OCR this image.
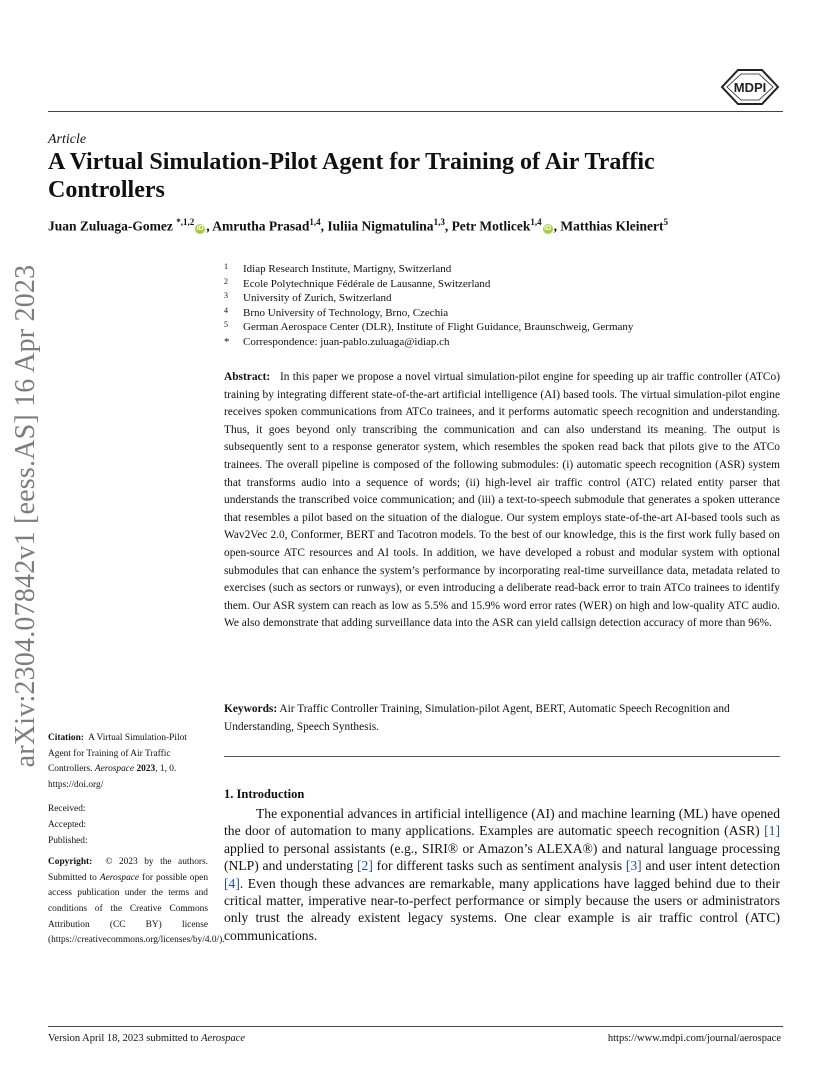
MDPI
Article
A Virtual Simulation-Pilot Agent for Training of Air Traffic Controllers
Juan Zuluaga-Gomez $^{*,1,2}$iD , Amrutha Prasad$^{1,4}$, Iuliia Nigmatulina$^{1,3}$, Petr Motlicek$^{1,4}$iD , Matthias Kleinert$^5$
arXiv:2304.07842v1 [eess.AS] 16 Apr 2023	1	Idiap Research Institute, Martigny, Switzerland
2	Ecole Polytechnique Fédérale de Lausanne, Switzerland
3	University of Zurich, Switzerland
4	Brno University of Technology, Brno, Czechia
5	German Aerospace Center (DLR), Institute of Flight Guidance, Braunschweig, Germany
*	Correspondence: juan-pablo.zuluaga@idiap.ch

Abstract: In this paper we propose a novel virtual simulation-pilot engine for speeding up air traffic controller (ATCo) training by integrating different state-of-the-art artificial intelligence (AI) based tools. The virtual simulation-pilot engine receives spoken communications from ATCo trainees, and it performs automatic speech recognition and understanding. Thus, it goes beyond only transcribing the communication and can also understand its meaning. The output is subsequently sent to a response generator system, which resembles the spoken read back that pilots give to the ATCo trainees. The overall pipeline is composed of the following submodules: (i) automatic speech recognition (ASR) system that transforms audio into a sequence of words; (ii) high-level air traffic control (ATC) related entity parser that understands the transcribed voice communication; and (iii) a text-to-speech submodule that generates a spoken utterance that resembles a pilot based on the situation of the dialogue. Our system employs state-of-the-art AI-based tools such as Wav2Vec 2.0, Conformer, BERT and Tacotron models. To the best of our knowledge, this is the first work fully based on open-source ATC resources and AI tools. In addition, we have developed a robust and modular system with optional submodules that can enhance the system’s performance by incorporating real-time surveillance data, metadata related to exercises (such as sectors or runways), or even introducing a deliberate read-back error to train ATCo trainees to identify them. Our ASR system can reach as low as 5.5% and 15.9% word error rates (WER) on high and low-quality ATC audio. We also demonstrate that adding surveillance data into the ASR can yield callsign detection accuracy of more than 96%.

Keywords: Air Traffic Controller Training, Simulation-pilot Agent, BERT, Automatic Speech Recognition and Understanding, Speech Synthesis.

1. Introduction

The exponential advances in artificial intelligence (AI) and machine learning (ML) have opened the door of automation to many applications. Examples are automatic speech recognition (ASR) [1] applied to personal assistants (e.g., SIRI® or Amazon’s ALEXA®) and natural language processing (NLP) and understating [2] for different tasks such as sentiment analysis [3] and user intent detection [4]. Even though these advances are remarkable, many applications have lagged behind due to their critical matter, imperative near-to-perfect performance or simply because the users or administrators only trust the already existent legacy systems. One clear example is air traffic control (ATC) communications.

Citation: A Virtual Simulation-Pilot Agent for Training of Air Traffic Controllers. Aerospace 2023, 1, 0.
https://doi.org/

Received:

Accepted:

Published:

Copyright: © 2023 by the authors. Submitted to Aerospace for possible open access publication under the terms and conditions of the Creative Commons Attribution (CC BY) license (https://creativecommons.org/licenses/by/4.0/).

Version April 18, 2023 submitted to Aerospace	https://www.mdpi.com/journal/aerospace
